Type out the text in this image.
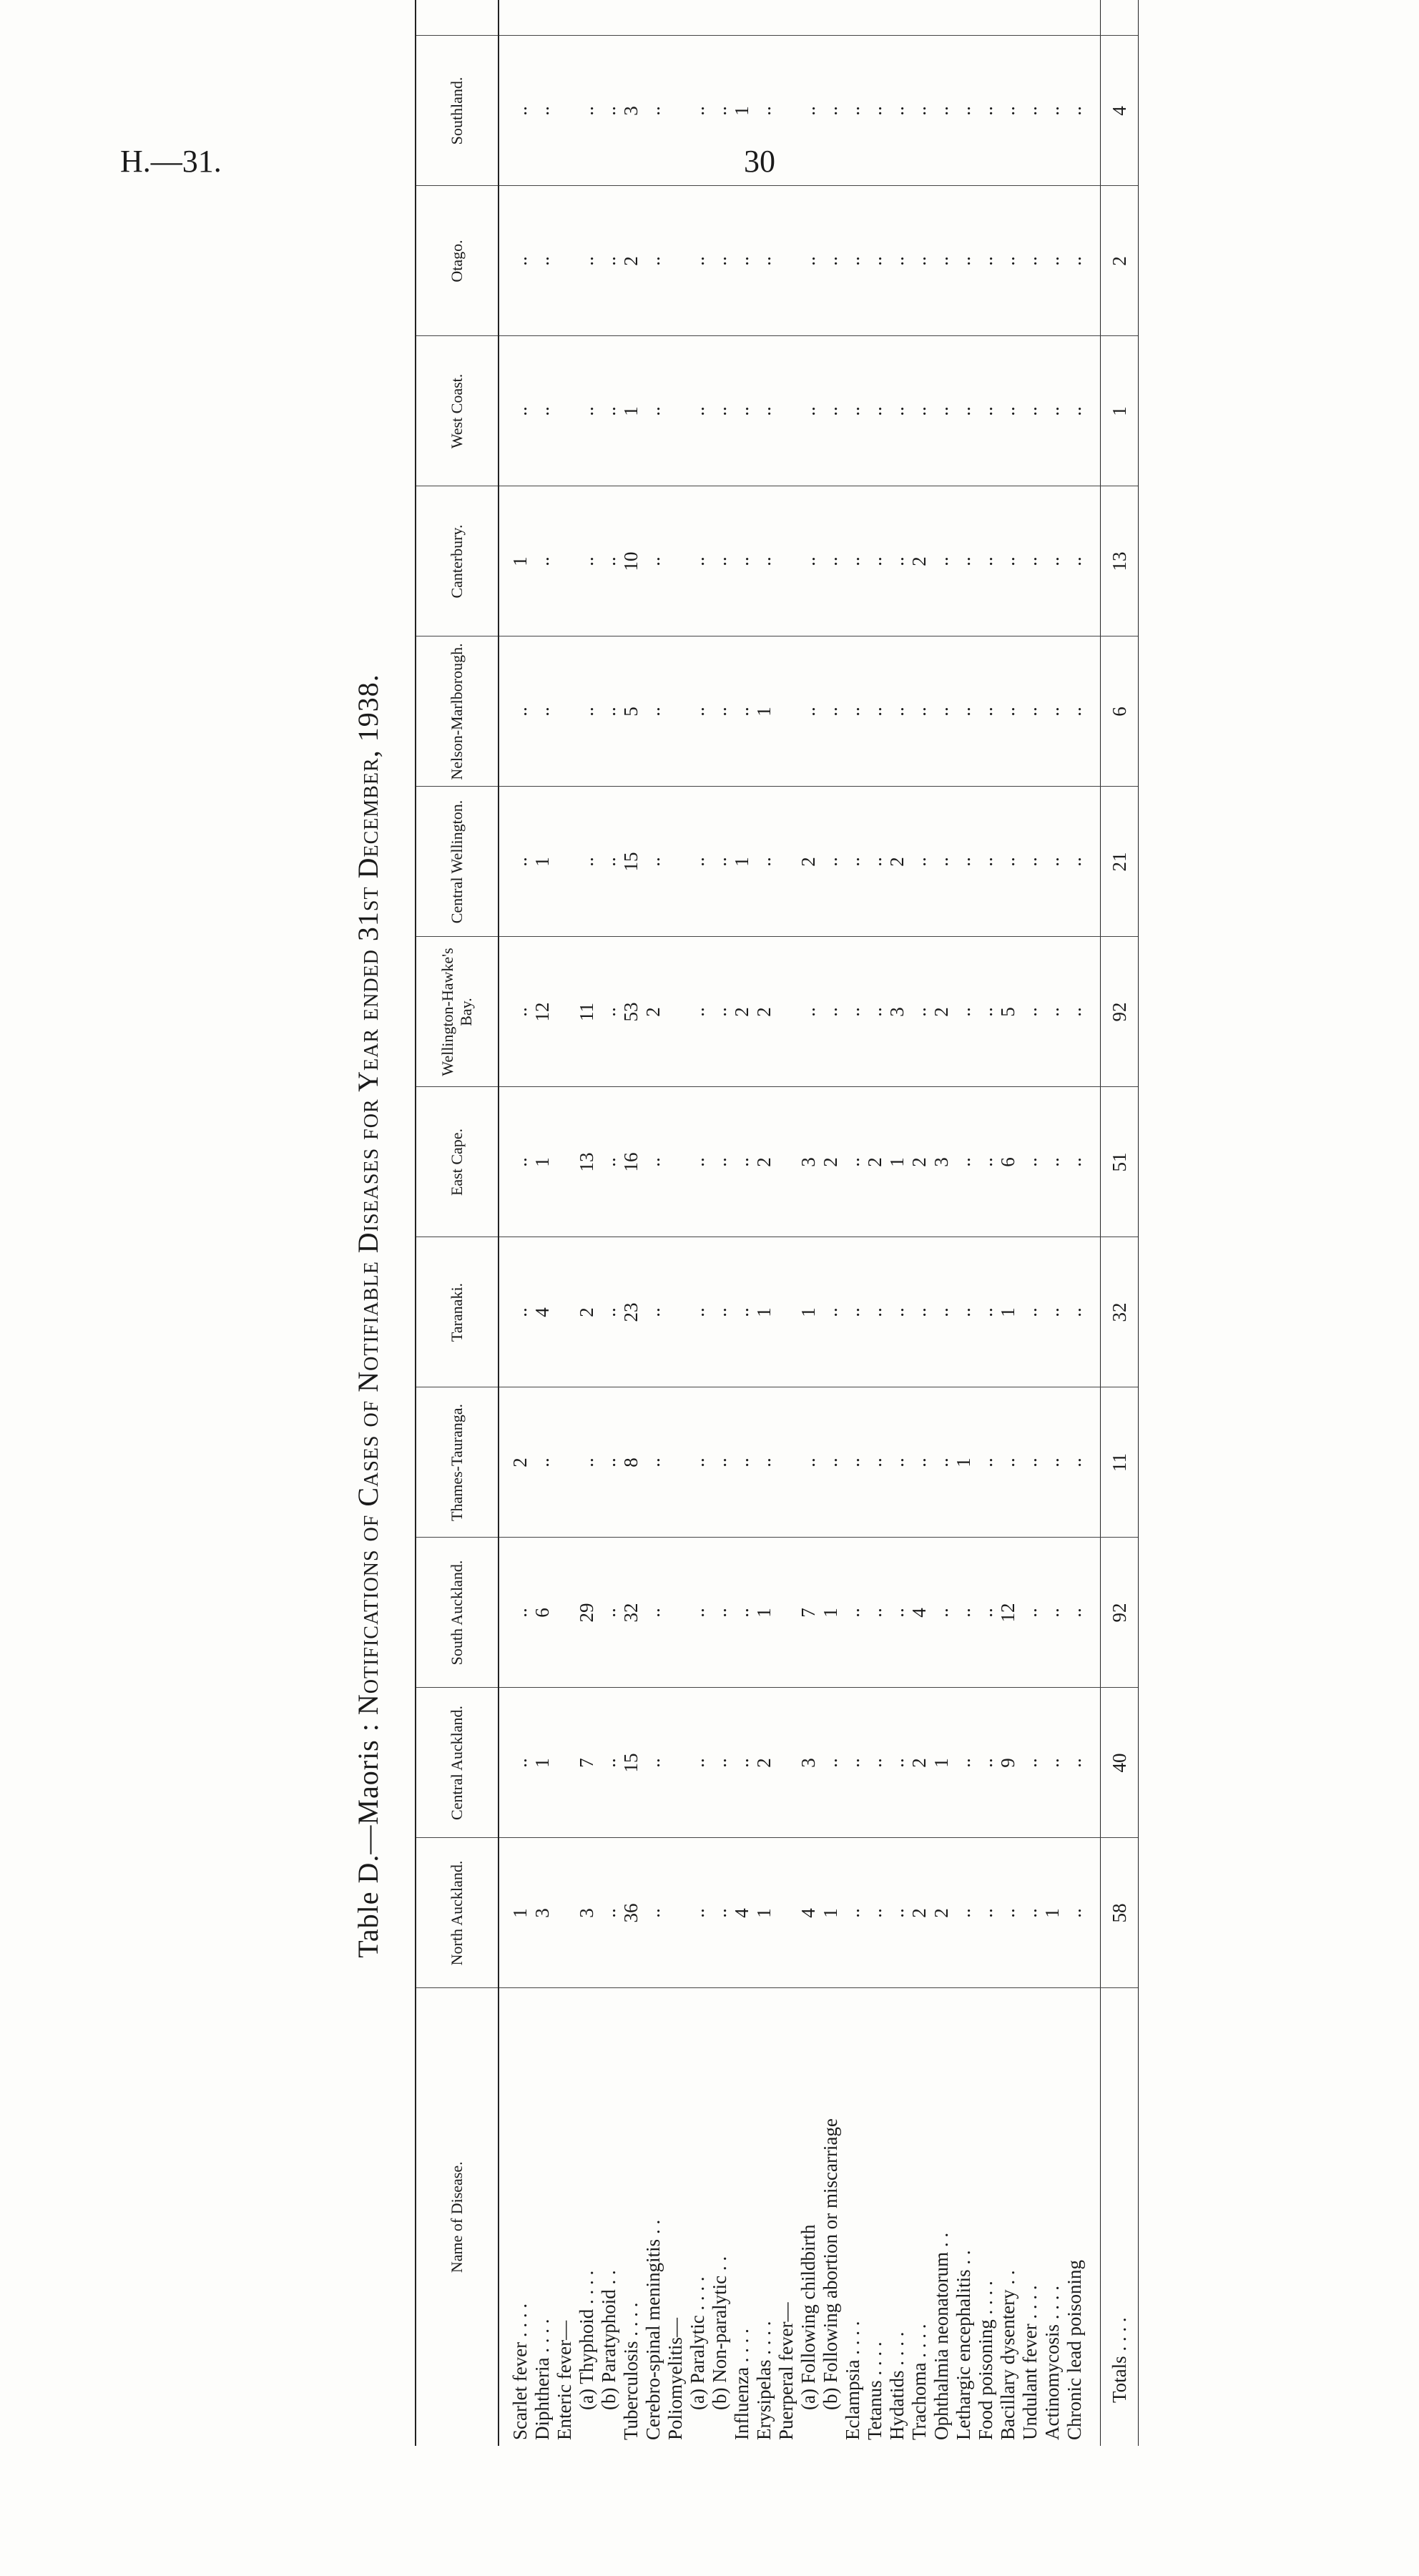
H.—31.	30
Table D.—Maoris : Notifications of Cases of Notifiable Diseases for Year ended 31st December, 1938.
Name of Disease.	North Auckland.	Central Auckland.	South Auckland.	Thames-Tauranga.	Taranaki.	East Cape.	Wellington-Hawke's Bay.	Central Wellington.	Nelson-Marlborough.	Canterbury.	West Coast.	Otago.	Southland.	
Scarlet fever . . . .	1	..	..	2	..	..	..	..	..	1	..	..	..	
Diphtheria . . . .	3	1	6	..	4	1	12	1	..	..	..	..	..	
Enteric fever—														
(a) Thyphoid . . . .	3	7	29	..	2	13	11	..	..	..	..	..	..	
(b) Paratyphoid . .	..	..	..	..	..	..	..	..	..	..	..	..	..	
Tuberculosis . . . .	36	15	32	8	23	16	53	15	5	10	1	2	3	
Cerebro-spinal meningitis . .	..	..	..	..	..	..	2	..	..	..	..	..	..	
Poliomyelitis—														
(a) Paralytic . . . .	..	..	..	..	..	..	..	..	..	..	..	..	..	
(b) Non-paralytic . .	..	..	..	..	..	..	..	..	..	..	..	..	..	
Influenza . . . .	4	..	..	..	..	..	2	1	..	..	..	..	1	
Erysipelas . . . .	1	2	1	..	1	2	2	..	1	..	..	..	..	
Puerperal fever—														
(a) Following childbirth	4	3	7	..	1	3	..	2	..	..	..	..	..	
(b) Following abortion or miscarriage	1	..	1	..	..	2	..	..	..	..	..	..	..	
Eclampsia . . . .	..	..	..	..	..	..	..	..	..	..	..	..	..	
Tetanus . . . .	..	..	..	..	..	2	..	..	..	..	..	..	..	
Hydatids . . . .	..	..	..	..	..	1	3	2	..	..	..	..	..	
Trachoma . . . .	2	2	4	..	..	2	..	..	..	2	..	..	..	
Ophthalmia neonatorum . .	2	1	..	..	..	3	2	..	..	..	..	..	..	
Lethargic encephalitis . .	..	..	..	1	..	..	..	..	..	..	..	..	..	
Food poisoning . . . .	..	..	..	..	..	..	..	..	..	..	..	..	..	
Bacillary dysentery . .	..	9	12	..	1	6	5	..	..	..	..	..	..	
Undulant fever . . . .	..	..	..	..	..	..	..	..	..	..	..	..	..	
Actinomycosis . . . .	1	..	..	..	..	..	..	..	..	..	..	..	..	
Chronic lead poisoning	..	..	..	..	..	..	..	..	..	..	..	..	..	
Totals . . . .	58	40	92	11	32	51	92	21	6	13	1	2	4	
